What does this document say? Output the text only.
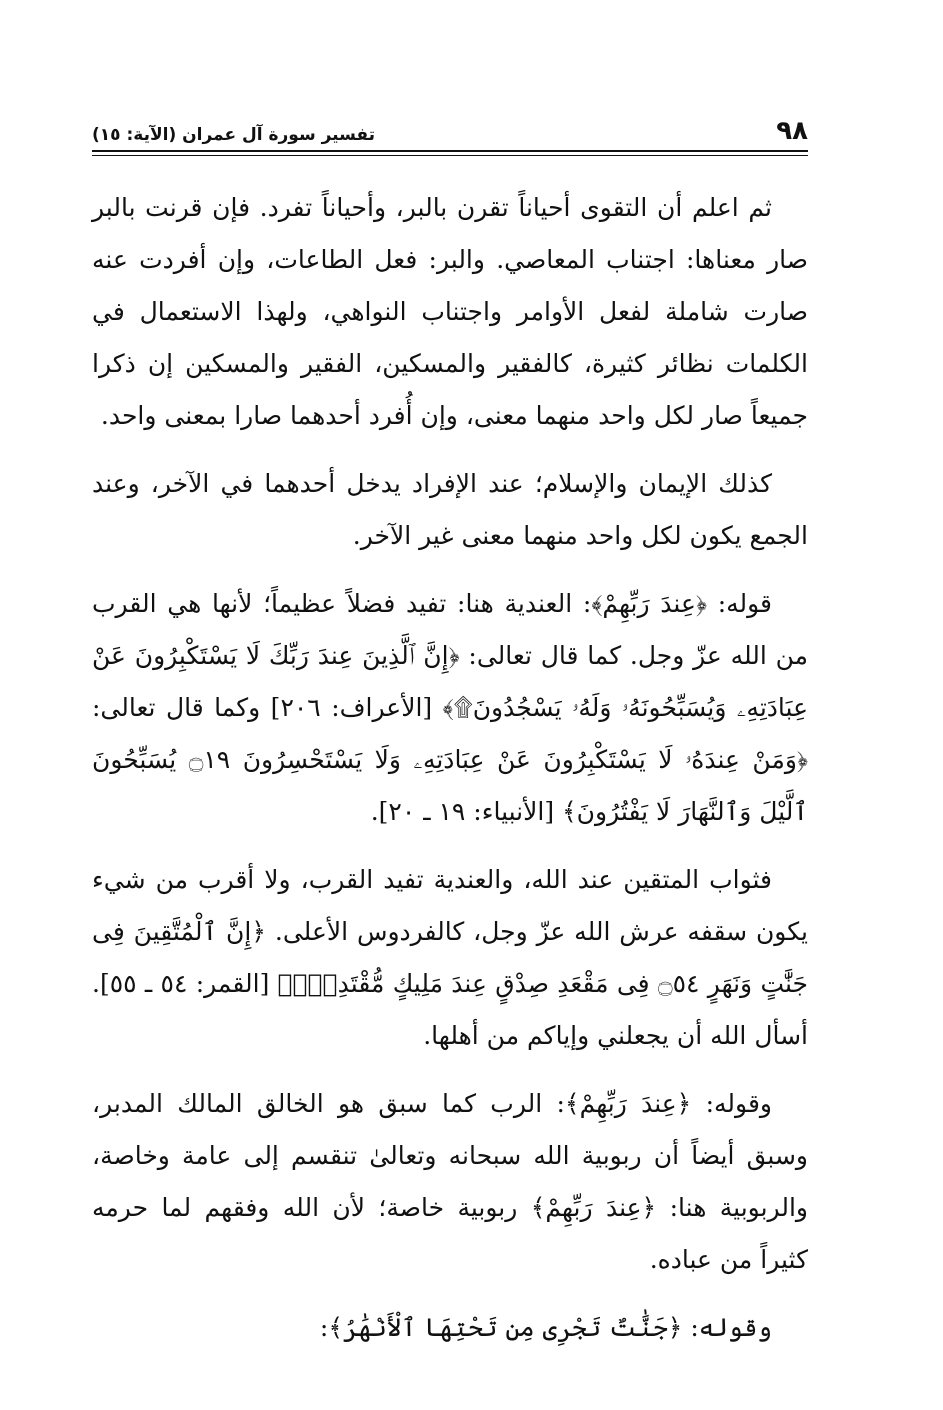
٩٨
تفسير سورة آل عمران (الآية: ١٥)

ثم اعلم أن التقوى أحياناً تقرن بالبر، وأحياناً تفرد. فإن قرنت بالبر صار معناها: اجتناب المعاصي. والبر: فعل الطاعات، وإن أفردت عنه صارت شاملة لفعل الأوامر واجتناب النواهي، ولهذا الاستعمال في الكلمات نظائر كثيرة، كالفقير والمسكين، الفقير والمسكين إن ذكرا جميعاً صار لكل واحد منهما معنى، وإن أُفرد أحدهما صارا بمعنى واحد.

كذلك الإيمان والإسلام؛ عند الإفراد يدخل أحدهما في الآخر، وعند الجمع يكون لكل واحد منهما معنى غير الآخر.

قوله: ﴿عِندَ رَبِّهِمْ﴾: العندية هنا: تفيد فضلاً عظيماً؛ لأنها هي القرب من الله عزّ وجل. كما قال تعالى: ﴿إِنَّ ٱلَّذِينَ عِندَ رَبِّكَ لَا يَسْتَكْبِرُونَ عَنْ عِبَادَتِهِۦ وَيُسَبِّحُونَهُۥ وَلَهُۥ يَسْجُدُونَ۩﴾ [الأعراف: ٢٠٦] وكما قال تعالى: ﴿وَمَنْ عِندَهُۥ لَا يَسْتَكْبِرُونَ عَنْ عِبَادَتِهِۦ وَلَا يَسْتَحْسِرُونَ ۝١٩ يُسَبِّحُونَ ٱلَّيْلَ وَٱلنَّهَارَ لَا يَفْتُرُونَ﴾ [الأنبياء: ١٩ ـ ٢٠].

فثواب المتقين عند الله، والعندية تفيد القرب، ولا أقرب من شيء يكون سقفه عرش الله عزّ وجل، كالفردوس الأعلى. ﴿إِنَّ ٱلْمُتَّقِينَ فِى جَنَّٰتٍ وَنَهَرٍ ۝٥٤ فِى مَقْعَدِ صِدْقٍ عِندَ مَلِيكٍ مُّقْتَدِرٍۭ﴾ [القمر: ٥٤ ـ ٥٥]. أسأل الله أن يجعلني وإياكم من أهلها.

وقوله: ﴿عِندَ رَبِّهِمْ﴾: الرب كما سبق هو الخالق المالك المدبر، وسبق أيضاً أن ربوبية الله سبحانه وتعالىٰ تنقسم إلى عامة وخاصة، والربوبية هنا: ﴿عِندَ رَبِّهِمْ﴾ ربوبية خاصة؛ لأن الله وفقهم لما حرمه كثيراً من عباده.

وقوله: ﴿جَنَّٰتٌ تَجْرِى مِن تَحْتِهَا ٱلْأَنْهَٰرُ﴾:
